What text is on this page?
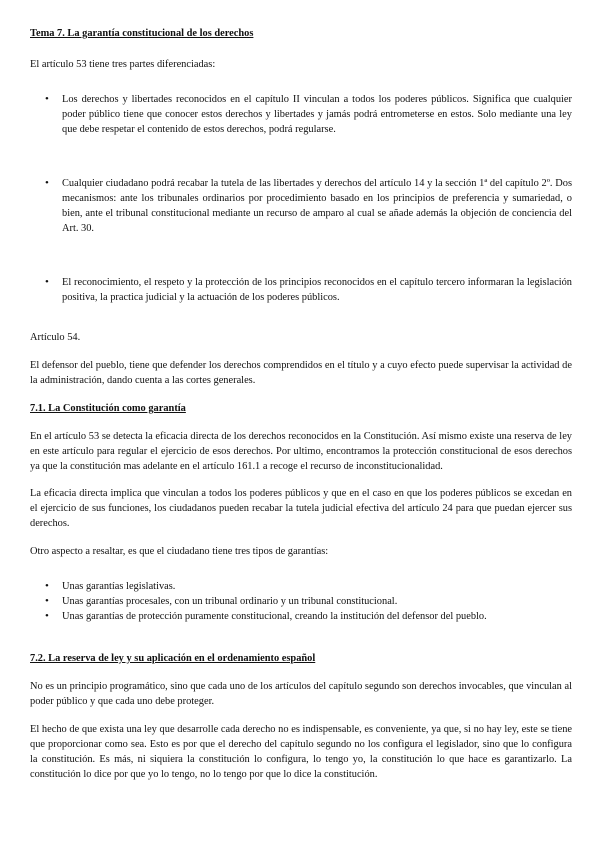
Tema 7. La garantía constitucional de los derechos

El artículo 53 tiene tres partes diferenciadas:

• Los derechos y libertades reconocidos en el capítulo II vinculan a todos los poderes públicos. Significa que cualquier poder público tiene que conocer estos derechos y libertades y jamás podrá entrometerse en estos. Solo mediante una ley que debe respetar el contenido de estos derechos, podrá regularse.
• Cualquier ciudadano podrá recabar la tutela de las libertades y derechos del artículo 14 y la sección 1ª del capítulo 2º. Dos mecanismos: ante los tribunales ordinarios por procedimiento basado en los principios de preferencia y sumariedad, o bien, ante el tribunal constitucional mediante un recurso de amparo al cual se añade además la objeción de conciencia del Art. 30.
• El reconocimiento, el respeto y la protección de los principios reconocidos en el capítulo tercero informaran la legislación positiva, la practica judicial y la actuación de los poderes públicos.

Artículo 54.

El defensor del pueblo, tiene que defender los derechos comprendidos en el título y a cuyo efecto puede supervisar la actividad de la administración, dando cuenta a las cortes generales.

7.1. La Constitución como garantía

En el artículo 53 se detecta la eficacia directa de los derechos reconocidos en la Constitución. Así mismo existe una reserva de ley en este artículo para regular el ejercicio de esos derechos. Por ultimo, encontramos la protección constitucional de esos derechos ya que la constitución mas adelante en el artículo 161.1 a recoge el recurso de inconstitucionalidad.

La eficacia directa implica que vinculan a todos los poderes públicos y que en el caso en que los poderes públicos se excedan en el ejercicio de sus funciones, los ciudadanos pueden recabar la tutela judicial efectiva del artículo 24 para que puedan ejercer sus derechos.

Otro aspecto a resaltar, es que el ciudadano tiene tres tipos de garantías:

• Unas garantías legislativas.
• Unas garantías procesales, con un tribunal ordinario y un tribunal constitucional.
• Unas garantías de protección puramente constitucional, creando la institución del defensor del pueblo.

7.2. La reserva de ley y su aplicación en el ordenamiento español

No es un principio programático, sino que cada uno de los artículos del capítulo segundo son derechos invocables, que vinculan al poder público y que cada uno debe proteger.

El hecho de que exista una ley que desarrolle cada derecho no es indispensable, es conveniente, ya que, si no hay ley, este se tiene que proporcionar como sea. Esto es por que el derecho del capítulo segundo no los configura el legislador, sino que lo configura la constitución. Es más, ni siquiera la constitución lo configura, lo tengo yo, la constitución lo que hace es garantizarlo. La constitución lo dice por que yo lo tengo, no lo tengo por que lo dice la constitución.
